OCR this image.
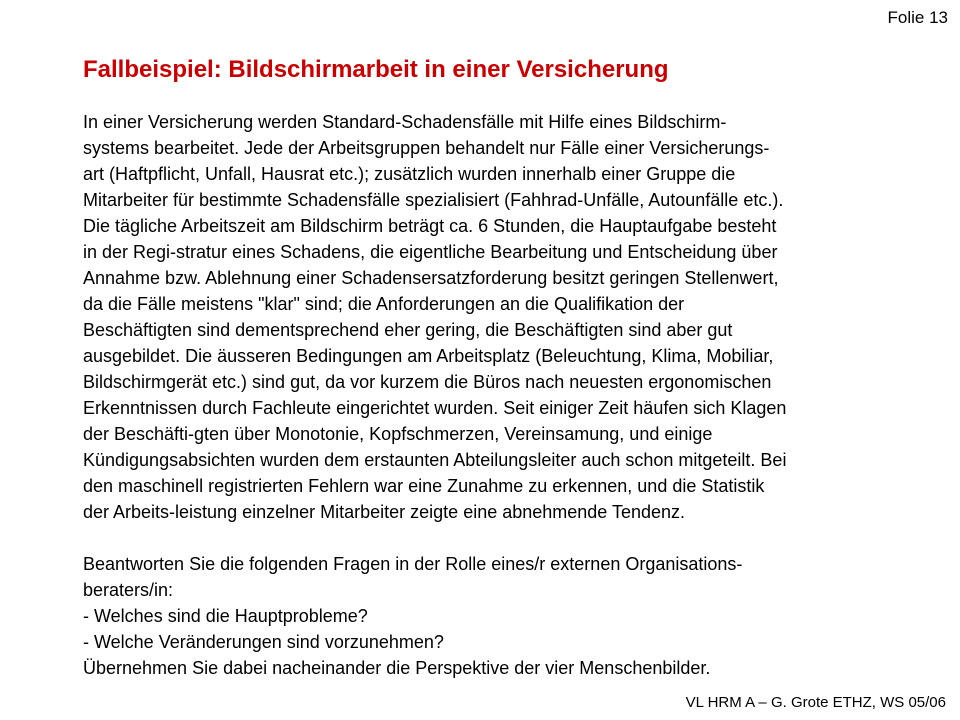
Folie 13
Fallbeispiel: Bildschirmarbeit in einer Versicherung
In einer Versicherung werden Standard-Schadensfälle mit Hilfe eines Bildschirm-
systems bearbeitet. Jede der Arbeitsgruppen behandelt nur Fälle einer Versicherungs-
art (Haftpflicht, Unfall, Hausrat etc.); zusätzlich wurden innerhalb einer Gruppe die
Mitarbeiter für bestimmte Schadensfälle spezialisiert (Fahhrad-Unfälle, Autounfälle etc.).
Die tägliche Arbeitszeit am Bildschirm beträgt ca. 6 Stunden, die Hauptaufgabe besteht
in der Regi-stratur eines Schadens, die eigentliche Bearbeitung und Entscheidung über
Annahme bzw. Ablehnung einer Schadensersatzforderung besitzt geringen Stellenwert,
da die Fälle meistens "klar" sind; die Anforderungen an die Qualifikation der
Beschäftigten sind dementsprechend eher gering, die Beschäftigten sind aber gut
ausgebildet. Die äusseren Bedingungen am Arbeitsplatz (Beleuchtung, Klima, Mobiliar,
Bildschirmgerät etc.) sind gut, da vor kurzem die Büros nach neuesten ergonomischen
Erkenntnissen durch Fachleute eingerichtet wurden. Seit einiger Zeit häufen sich Klagen
der Beschäfti-gten über Monotonie, Kopfschmerzen, Vereinsamung, und einige
Kündigungsabsichten wurden dem erstaunten Abteilungsleiter auch schon mitgeteilt. Bei
den maschinell registrierten Fehlern war eine Zunahme zu erkennen, und die Statistik
der Arbeits-leistung einzelner Mitarbeiter zeigte eine abnehmende Tendenz.
Beantworten Sie die folgenden Fragen in der Rolle eines/r externen Organisations-
beraters/in:
- Welches sind die Hauptprobleme?
- Welche Veränderungen sind vorzunehmen?
Übernehmen Sie dabei nacheinander die Perspektive der vier Menschenbilder.
VL HRM A – G. Grote ETHZ, WS 05/06
